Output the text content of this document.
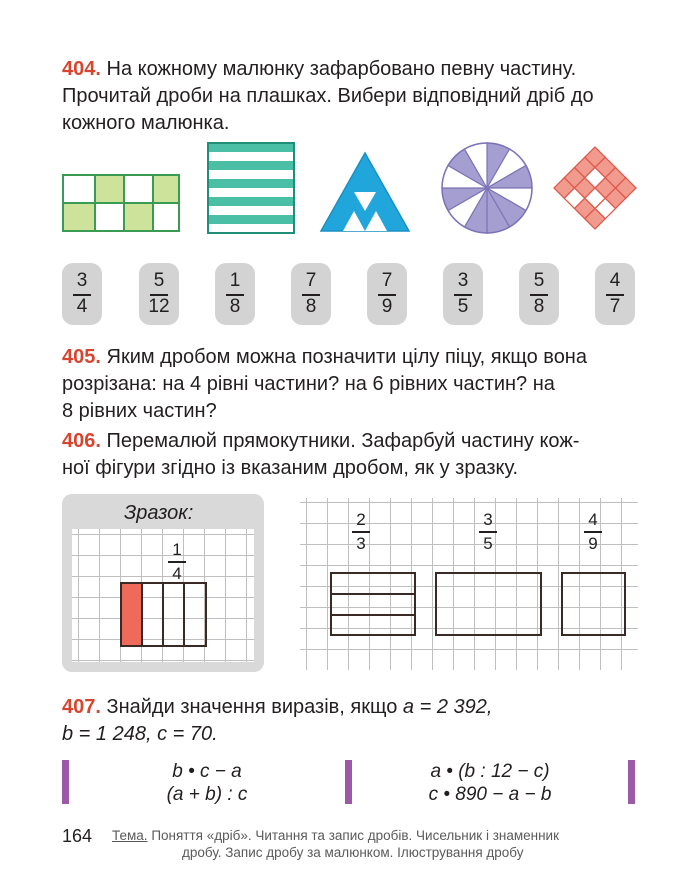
404. На кожному малюнку зафарбовано певну частину.
Прочитай дроби на плашках. Вибери відповідний дріб до
кожного малюнка.
3
4
5
12
1
8
7
8
7
9
3
5
5
8
4
7
405. Яким дробом можна позначити цілу піцу, якщо вона
розрізана: на 4 рівні частини? на 6 рівних частин? на
8 рівних частин?
406. Перемалюй прямокутники. Зафарбуй частину кож-
ної фігури згідно із вказаним дробом, як у зразку.
Зразок:
1
4
2
3
3
5
4
9
407. Знайди значення виразів, якщо a = 2 392,
b = 1 248, c = 70.
b • c − a
(a + b) : c
a • (b : 12 − c)
c • 890 − a − b
164 Тема. Поняття «дріб». Читання та запис дробів. Чисельник і знаменник
дробу. Запис дробу за малюнком. Ілюстрування дробу
